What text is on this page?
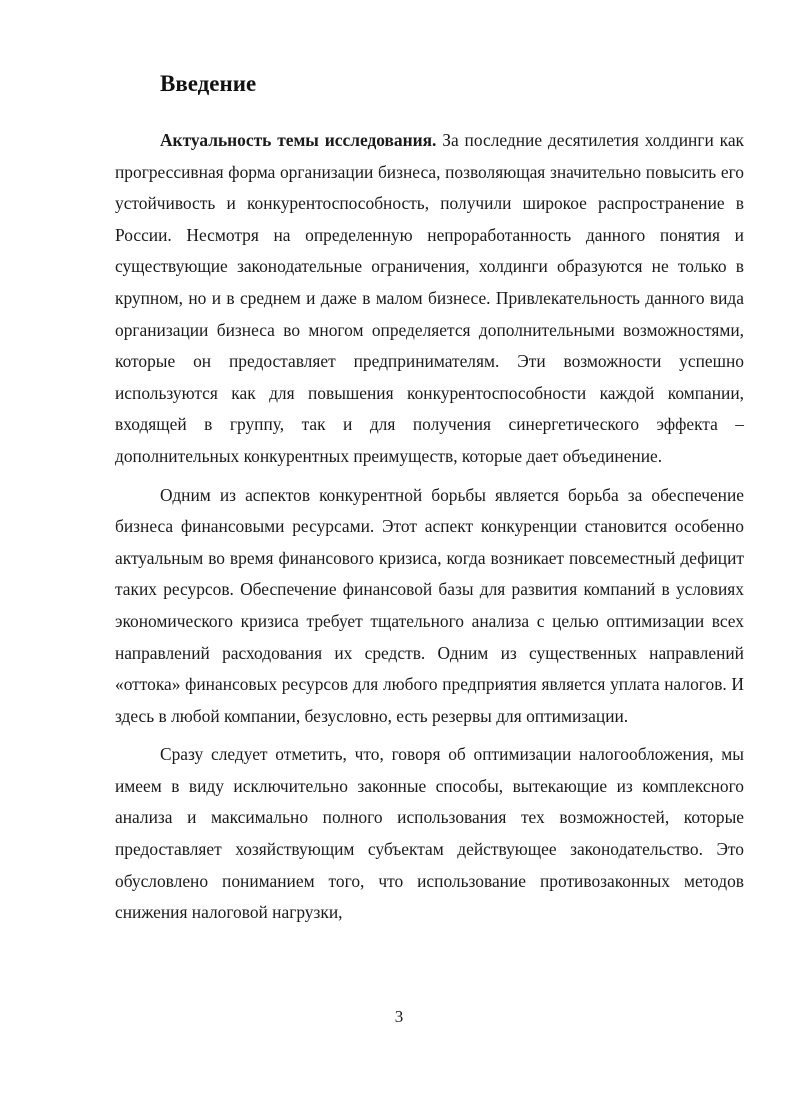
Введение

Актуальность темы исследования. За последние десятилетия холдинги как прогрессивная форма организации бизнеса, позволяющая значительно повысить его устойчивость и конкурентоспособность, получили широкое распространение в России. Несмотря на определенную непроработанность данного понятия и существующие законодательные ограничения, холдинги образуются не только в крупном, но и в среднем и даже в малом бизнесе. Привлекательность данного вида организации бизнеса во многом определяется дополнительными возможностями, которые он предоставляет предпринимателям. Эти возможности успешно используются как для повышения конкурентоспособности каждой компании, входящей в группу, так и для получения синергетического эффекта – дополнительных конкурентных преимуществ, которые дает объединение.

Одним из аспектов конкурентной борьбы является борьба за обеспечение бизнеса финансовыми ресурсами. Этот аспект конкуренции становится особенно актуальным во время финансового кризиса, когда возникает повсеместный дефицит таких ресурсов. Обеспечение финансовой базы для развития компаний в условиях экономического кризиса требует тщательного анализа с целью оптимизации всех направлений расходования их средств. Одним из существенных направлений «оттока» финансовых ресурсов для любого предприятия является уплата налогов. И здесь в любой компании, безусловно, есть резервы для оптимизации.

Сразу следует отметить, что, говоря об оптимизации налогообложения, мы имеем в виду исключительно законные способы, вытекающие из комплексного анализа и максимально полного использования тех возможностей, которые предоставляет хозяйствующим субъектам действующее законодательство. Это обусловлено пониманием того, что использование противозаконных методов снижения налоговой нагрузки,

3
